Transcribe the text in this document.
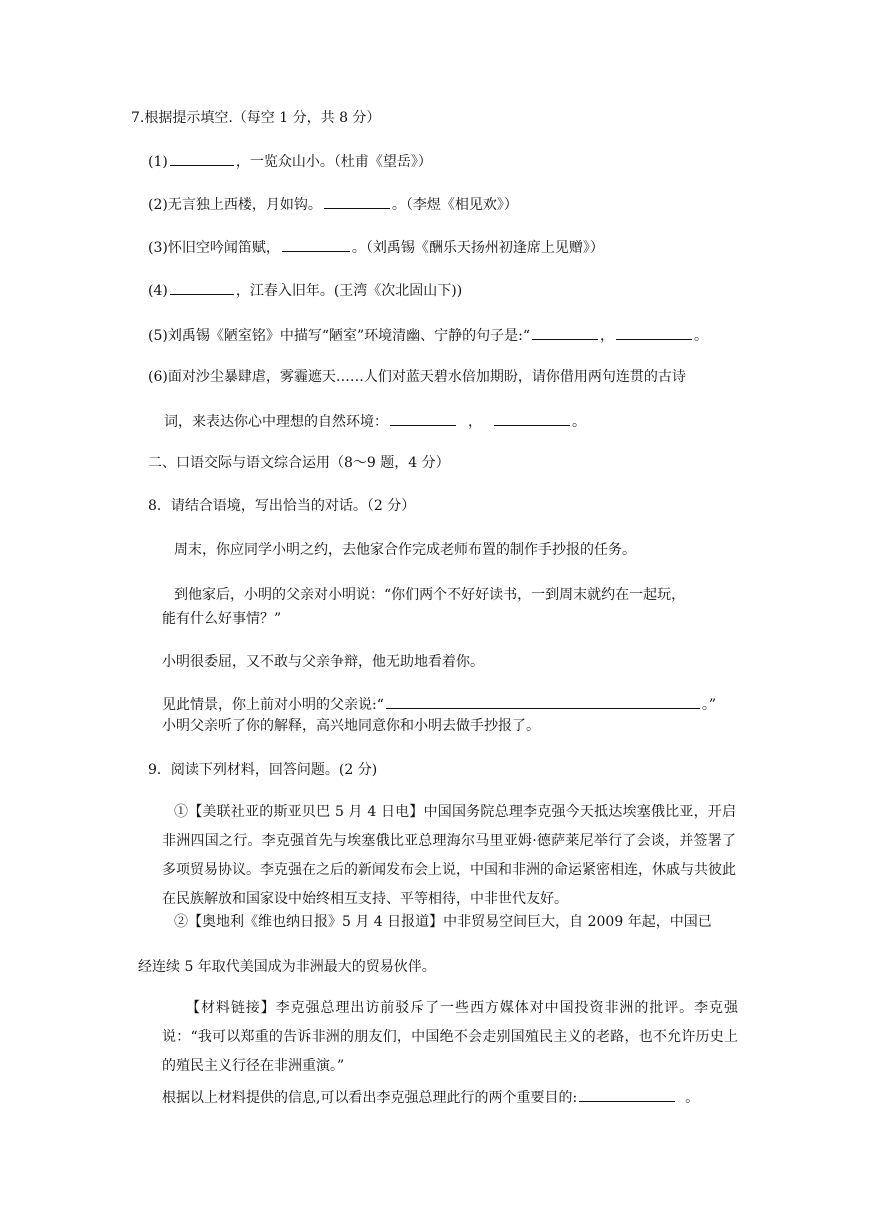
7.根据提示填空.（每空 1 分，共 8 分）
(1)	，一览众山小。（杜甫《望岳》）
(2)无言独上西楼，月如钩。	。（李煜《相见欢》）
(3)怀旧空吟闻笛赋，	。（刘禹锡《酬乐天扬州初逢席上见赠》）
(4)	，江春入旧年。(王湾《次北固山下))
(5)刘禹锡《陋室铭》中描写“陋室”环境清幽、宁静的句子是:“	，	。
(6)面对沙尘暴肆虐，雾霾遮天……人们对蓝天碧水倍加期盼，请你借用两句连贯的古诗
词，来表达你心中理想的自然环境：	，	。
二、口语交际与语文综合运用（8～9 题，4 分）
8．请结合语境，写出恰当的对话。（2 分）
周末，你应同学小明之约，去他家合作完成老师布置的制作手抄报的任务。
到他家后，小明的父亲对小明说：“你们两个不好好读书，一到周末就约在一起玩，
能有什么好事情？”
小明很委屈，又不敢与父亲争辩，他无助地看着你。
见此情景，你上前对小明的父亲说:“	。”
小明父亲听了你的解释，高兴地同意你和小明去做手抄报了。
9．阅读下列材料，回答问题。(2 分)
①【美联社亚的斯亚贝巴 5 月 4 日电】中国国务院总理李克强今天抵达埃塞俄比亚，开启非洲四国之行。李克强首先与埃塞俄比亚总理海尔马里亚姆·德萨莱尼举行了会谈，并签署了多项贸易协议。李克强在之后的新闻发布会上说，中国和非洲的命运紧密相连，休戚与共彼此在民族解放和国家设中始终相互支持、平等相待，中非世代友好。
②【奥地利《维也纳日报》5 月 4 日报道】中非贸易空间巨大，自 2009 年起，中国已
经连续 5 年取代美国成为非洲最大的贸易伙伴。
【材料链接】李克强总理出访前驳斥了一些西方媒体对中国投资非洲的批评。李克强说：“我可以郑重的告诉非洲的朋友们，中国绝不会走别国殖民主义的老路，也不允许历史上的殖民主义行径在非洲重演。”
根据以上材料提供的信息,可以看出李克强总理此行的两个重要目的:	。
